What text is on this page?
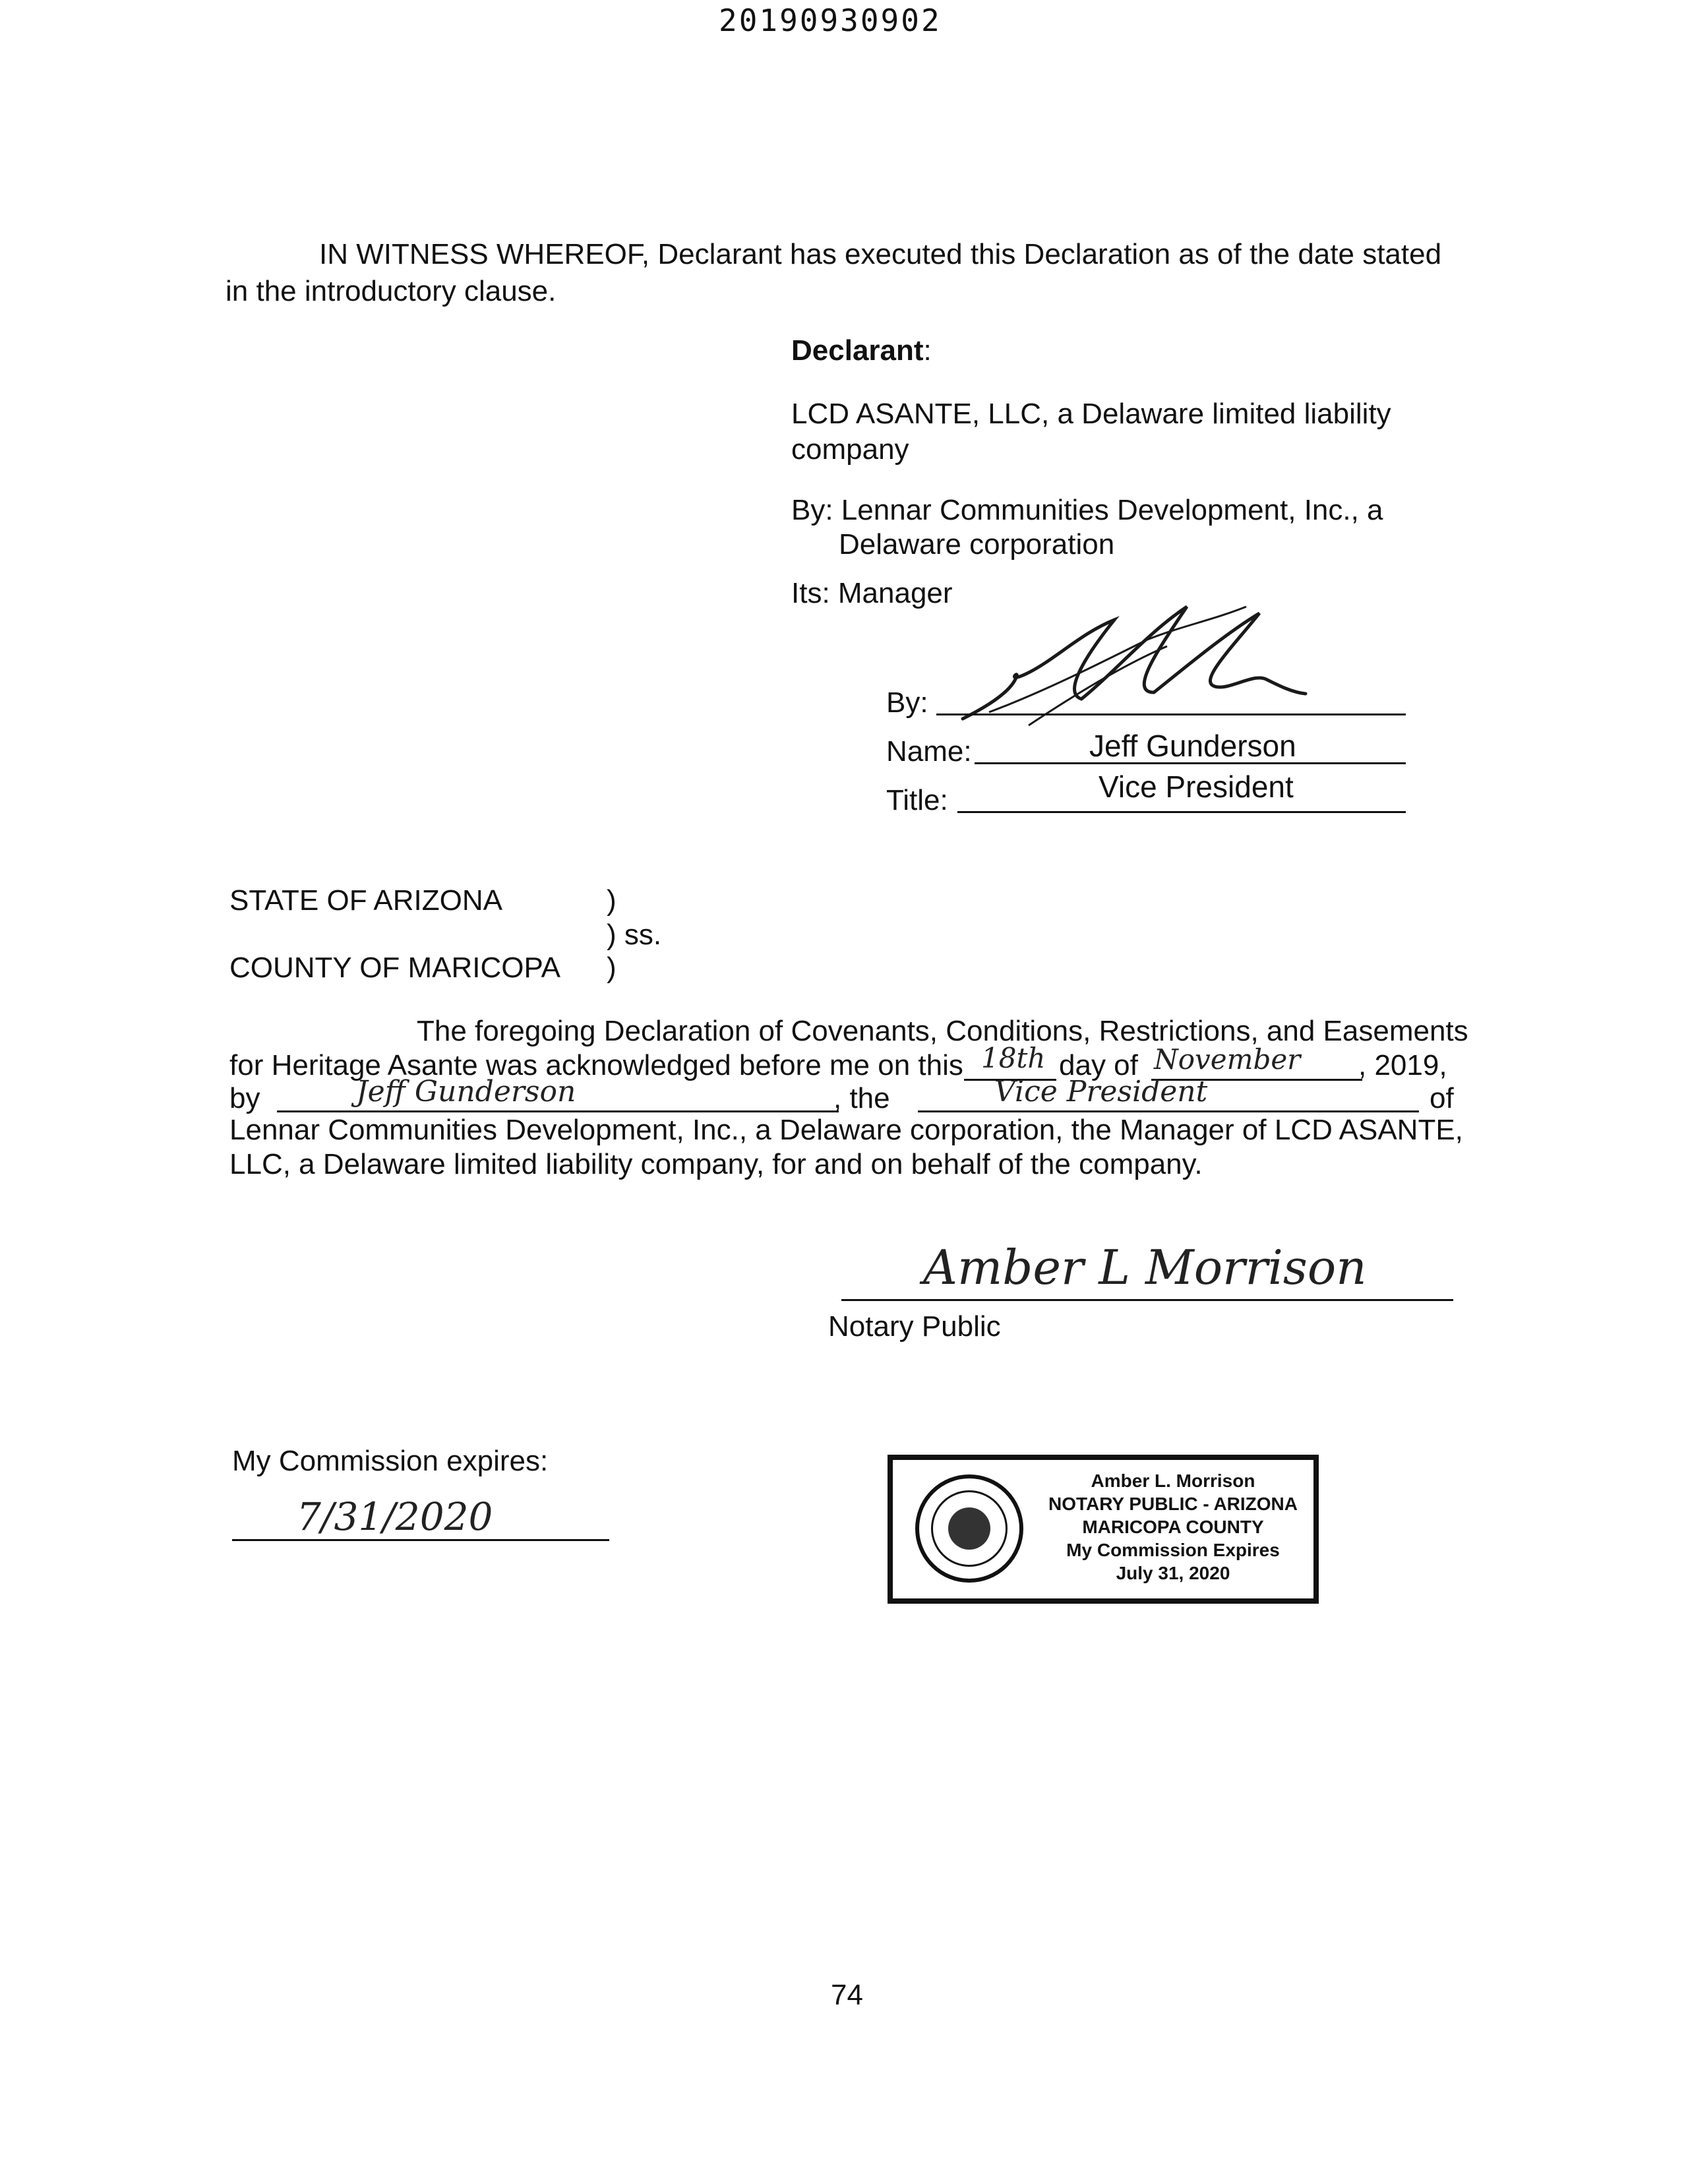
20190930902
IN WITNESS WHEREOF, Declarant has executed this Declaration as of the date stated
in the introductory clause.
Declarant:
LCD ASANTE, LLC, a Delaware limited liability
company
By: Lennar Communities Development, Inc., a
Delaware corporation
Its: Manager
By:
Name:	Jeff Gunderson
Title:	Vice President
STATE OF ARIZONA	)
) ss.
COUNTY OF MARICOPA )
The foregoing Declaration of Covenants, Conditions, Restrictions, and Easements
for Heritage Asante was acknowledged before me on this 18th day of November , 2019,
by	Jeff Gunderson	, the	Vice President	of
Lennar Communities Development, Inc., a Delaware corporation, the Manager of LCD ASANTE,
LLC, a Delaware limited liability company, for and on behalf of the company.
Amber L Morrison
Notary Public
My Commission expires:
7/31/2020
Amber L. Morrison
NOTARY PUBLIC - ARIZONA
MARICOPA COUNTY
My Commission Expires
July 31, 2020
74
